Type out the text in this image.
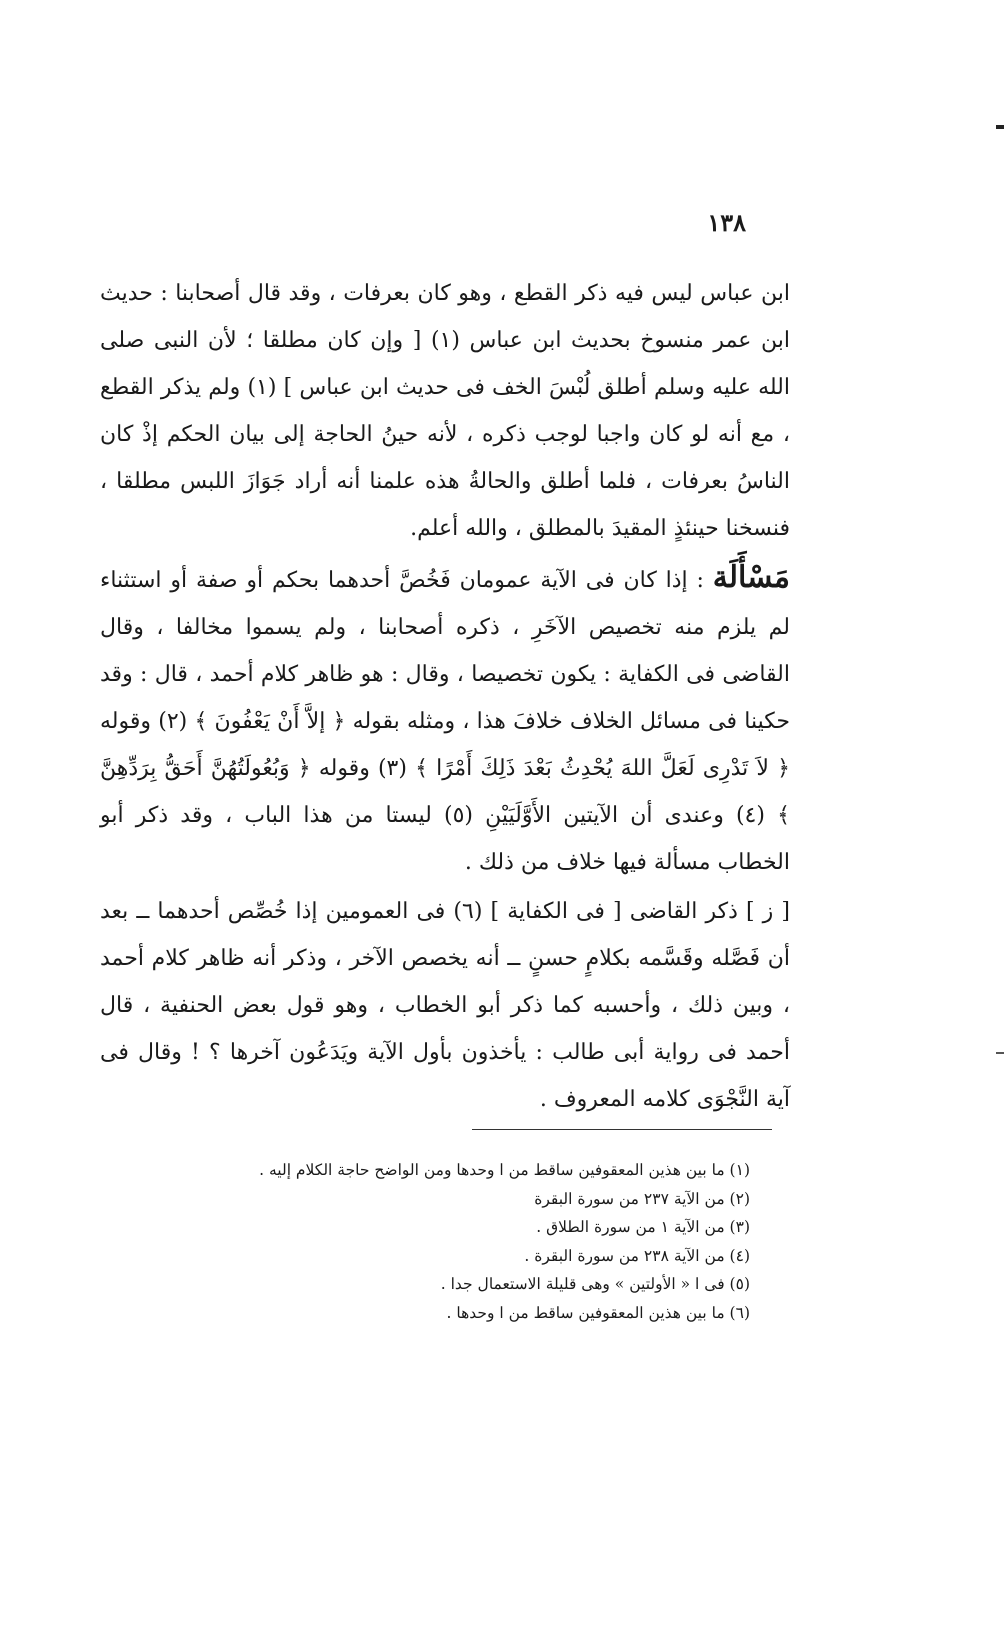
١٣٨

ابن عباس ليس فيه ذكر القطع ، وهو كان بعرفات ، وقد قال أصحابنا : حديث ابن عمر منسوخ بحديث ابن عباس (١) [ وإن كان مطلقا ؛ لأن النبى صلى الله عليه وسلم أطلق لُبْسَ الخف فى حديث ابن عباس ] (١) ولم يذكر القطع ، مع أنه لو كان واجبا لوجب ذكره ، لأنه حينُ الحاجة إلى بيان الحكم إذْ كان الناسُ بعرفات ، فلما أطلق والحالةُ هذه علمنا أنه أراد جَوَازَ اللبس مطلقا ، فنسخنا حينئذٍ المقيدَ بالمطلق ، والله أعلم.

مَسْأَلَة : إذا كان فى الآية عمومان فَخُصَّ أحدهما بحكم أو صفة أو استثناء لم يلزم منه تخصيص الآخَرِ ، ذكره أصحابنا ، ولم يسموا مخالفا ، وقال القاضى فى الكفاية : يكون تخصيصا ، وقال : هو ظاهر كلام أحمد ، قال : وقد حكينا فى مسائل الخلاف خلافَ هذا ، ومثله بقوله ﴿ إلاَّ أَنْ يَعْفُونَ ﴾ (٢) وقوله ﴿ لاَ تَدْرِى لَعَلَّ اللهَ يُحْدِثُ بَعْدَ ذَلِكَ أَمْرًا ﴾ (٣) وقوله ﴿ وَبُعُولَتُهُنَّ أَحَقُّ بِرَدِّهِنَّ ﴾ (٤) وعندى أن الآيتين الأَوَّلَيَيْنِ (٥) ليستا من هذا الباب ، وقد ذكر أبو الخطاب مسألة فيها خلاف من ذلك .

[ ز ] ذكر القاضى [ فى الكفاية ] (٦) فى العمومين إذا خُصِّص أحدهما ــ بعد أن فَصَّله وقَسَّمه بكلامٍ حسنٍ ــ أنه يخصص الآخر ، وذكر أنه ظاهر كلام أحمد ، وبين ذلك ، وأحسبه كما ذكر أبو الخطاب ، وهو قول بعض الحنفية ، قال أحمد فى رواية أبى طالب : يأخذون بأول الآية ويَدَعُون آخرها ؟ ! وقال فى آية النَّجْوَى كلامه المعروف .

(١) ما بين هذين المعقوفين ساقط من ا وحدها ومن الواضح حاجة الكلام إليه .
(٢) من الآية ٢٣٧ من سورة البقرة
(٣) من الآية ١ من سورة الطلاق .
(٤) من الآية ٢٣٨ من سورة البقرة .
(٥) فى ا « الأولتين » وهى قليلة الاستعمال جدا .
(٦) ما بين هذين المعقوفين ساقط من ا وحدها .
